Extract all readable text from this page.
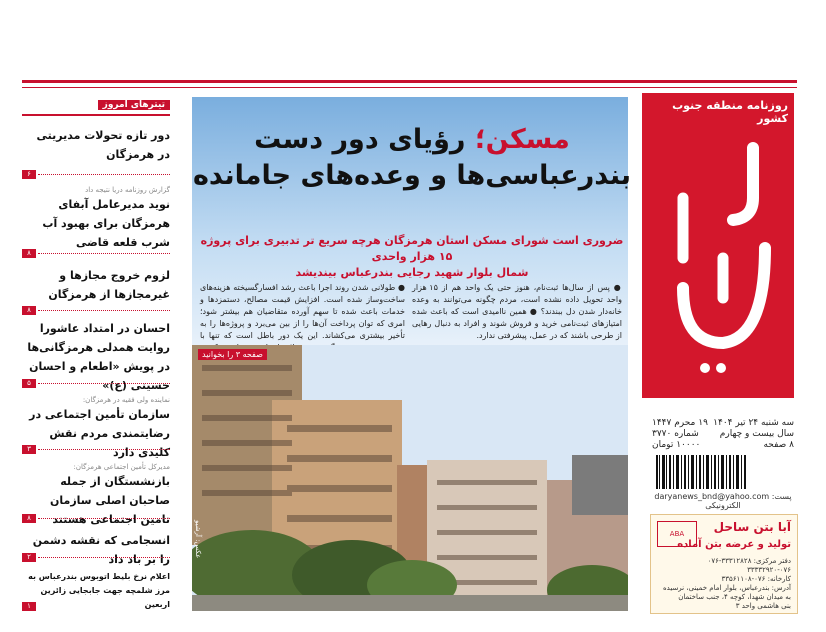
روزنامه منطقه جنوب کشور
سه شنبه ۲۴ تیر ۱۴۰۴
۱۹ محرم ۱۴۴۷
سال بیست و چهارم
شماره ۳۷۷۰
۸ صفحه
۱۰۰۰۰ تومان
daryanews_bnd@yahoo.com :پست الکترونیکی
آبا بتن ساحل
تولید و عرضه بتن آماده
ABA
دفتر مرکزی: ۳۳۳۱۲۸۲۸-۰۷۶
۳۳۳۳۲۹۲۰-۰۷۶
کارخانه: ۰۷۶-۳۳۵۶۱۱۰۸
آدرس: بندرعباس، بلوار امام خمینی، نرسیده
به میدان شهدا، کوچه ۴، جنب ساختمان
بنی هاشمی واحد ۳
مسکن؛ رؤیای دور دست
بندرعباسی‌ها و وعده‌های جامانده
ضروری است شورای مسکن استان هرمزگان هرچه سریع تر تدبیری برای پروژه ۱۵ هزار واحدی
شمال بلوار شهید رجایی بندرعباس بیندیشد
● پس از سال‌ها ثبت‌نام، هنوز حتی یک واحد هم از ۱۵ هزار واحد تحویل داده نشده است، مردم چگونه می‌توانند به وعده خانه‌دار شدن دل ببندند؟ ● همین ناامیدی است که باعث شده امتیازهای ثبت‌نامی خرید و فروش شوند و افراد به دنبال رهایی از طرحی باشند که در عمل، پیشرفتی ندارد.
● طولانی شدن روند اجرا باعث رشد افسارگسیخته هزینه‌های ساخت‌وساز شده است. افزایش قیمت مصالح، دستمزدها و خدمات باعث شده تا سهم آورده متقاضیان هم بیشتر شود؛ امری که توان پرداخت آن‌ها را از بین می‌برد و پروژه‌ها را به تأخیر بیشتری می‌کشاند. این یک دور باطل است که تنها با
صفحه ۳ را بخوانید
عکس: آرشیو
تیترهای امروز
دور تازه تحولات مدیریتی در هرمزگان
۶
گزارش روزنامه دریا نتیجه داد
نوید مدیرعامل آبفای هرمزگان برای بهبود آب شرب قلعه قاضی
۸
لزوم خروج مجازها و غیرمجازها از هرمزگان
۸
احسان در امتداد عاشورا روایت همدلی هرمزگانی‌ها در پویش «اطعام و احسان حسینی (ع)»
۵
نماینده ولی فقیه در هرمزگان:
سازمان تأمین اجتماعی در رضایتمندی مردم نقش کلیدی دارد
۳
مدیرکل تأمین اجتماعی هرمزگان:
بازنشستگان از جمله صاحبان اصلی سازمان تامین اجتماعی هستند
۸
انسجامی که نقشه دشمن را بر باد داد
۲
اعلام نرخ بلیط اتوبوس بندرعباس به مرز شلمچه جهت جابجایی زائرین اربعین
۱
